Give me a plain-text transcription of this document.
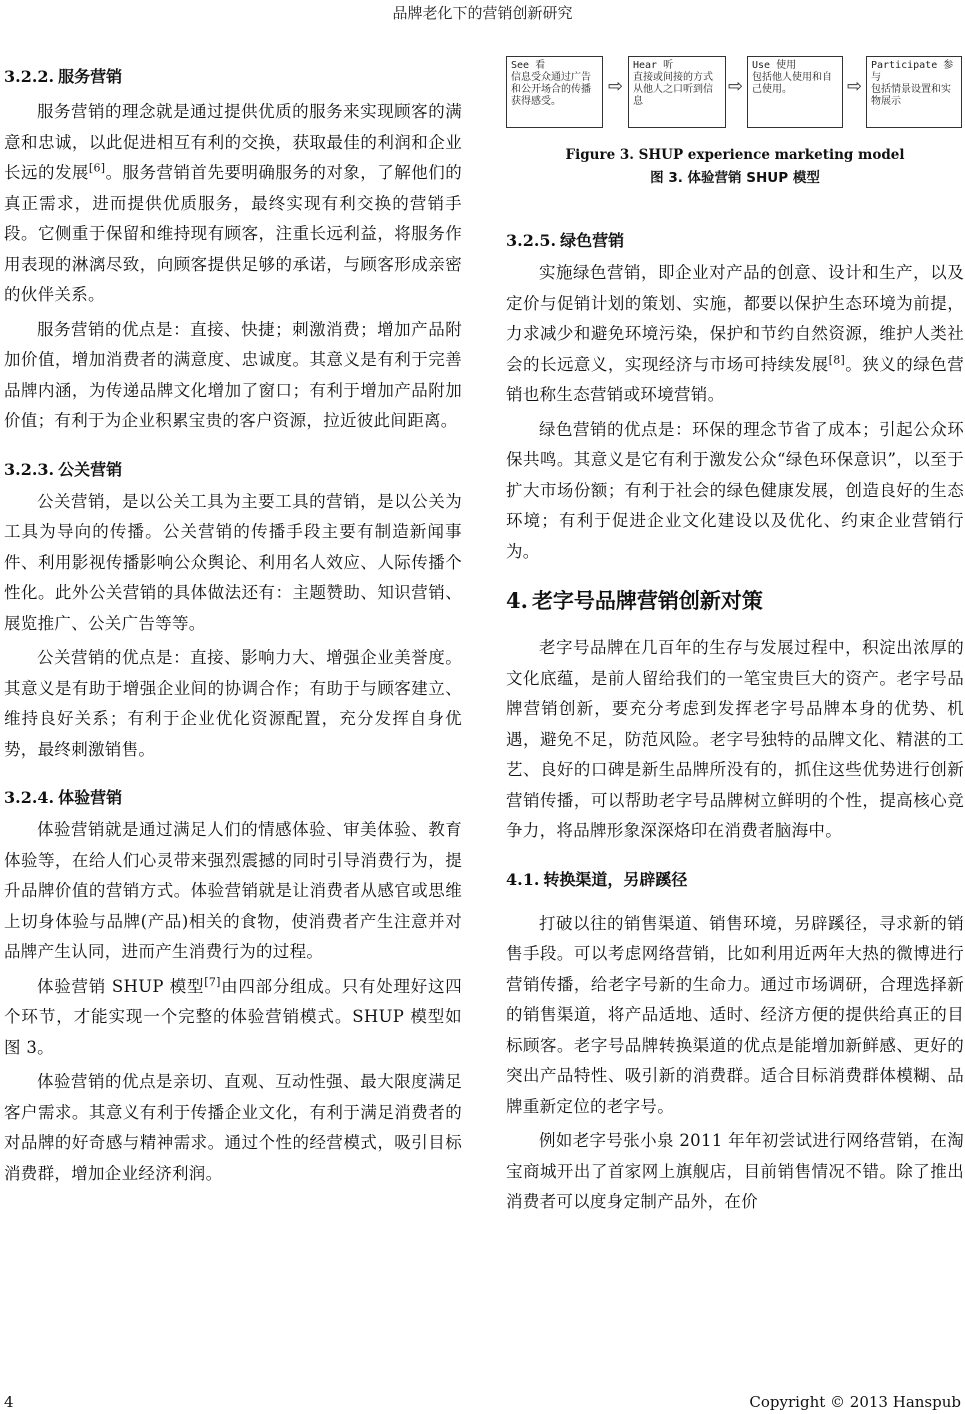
品牌老化下的营销创新研究
3.2.2. 服务营销

服务营销的理念就是通过提供优质的服务来实现顾客的满意和忠诚，以此促进相互有利的交换，获取最佳的利润和企业长远的发展[6]。服务营销首先要明确服务的对象，了解他们的真正需求，进而提供优质服务，最终实现有利交换的营销手段。它侧重于保留和维持现有顾客，注重长远利益，将服务作用表现的淋漓尽致，向顾客提供足够的承诺，与顾客形成亲密的伙伴关系。

服务营销的优点是：直接、快捷；刺激消费；增加产品附加价值，增加消费者的满意度、忠诚度。其意义是有利于完善品牌内涵，为传递品牌文化增加了窗口；有利于增加产品附加价值；有利于为企业积累宝贵的客户资源，拉近彼此间距离。

3.2.3. 公关营销

公关营销，是以公关工具为主要工具的营销，是以公关为工具为导向的传播。公关营销的传播手段主要有制造新闻事件、利用影视传播影响公众舆论、利用名人效应、人际传播个性化。此外公关营销的具体做法还有：主题赞助、知识营销、展览推广、公关广告等等。

公关营销的优点是：直接、影响力大、增强企业美誉度。其意义是有助于增强企业间的协调合作；有助于与顾客建立、维持良好关系；有利于企业优化资源配置，充分发挥自身优势，最终刺激销售。

3.2.4. 体验营销

体验营销就是通过满足人们的情感体验、审美体验、教育体验等，在给人们心灵带来强烈震撼的同时引导消费行为，提升品牌价值的营销方式。体验营销就是让消费者从感官或思维上切身体验与品牌(产品)相关的食物，使消费者产生注意并对品牌产生认同，进而产生消费行为的过程。

体验营销 SHUP 模型[7]由四部分组成。只有处理好这四个环节，才能实现一个完整的体验营销模式。SHUP 模型如图 3。

体验营销的优点是亲切、直观、互动性强、最大限度满足客户需求。其意义有利于传播企业文化，有利于满足消费者的对品牌的好奇感与精神需求。通过个性的经营模式，吸引目标消费群，增加企业经济利润。

See 看
信息受众通过广告和公开场合的传播获得感受。
⇨
Hear 听
直接或间接的方式从他人之口听到信息
⇨
Use 使用
包括他人使用和自己使用。	⇨
Participate 参与
包括情景设置和实物展示
Figure 3. SHUP experience marketing model
图 3. 体验营销 SHUP 模型
3.2.5. 绿色营销

实施绿色营销，即企业对产品的创意、设计和生产，以及定价与促销计划的策划、实施，都要以保护生态环境为前提，力求减少和避免环境污染，保护和节约自然资源，维护人类社会的长远意义，实现经济与市场可持续发展[8]。狭义的绿色营销也称生态营销或环境营销。

绿色营销的优点是：环保的理念节省了成本；引起公众环保共鸣。其意义是它有利于激发公众“绿色环保意识”，以至于扩大市场份额；有利于社会的绿色健康发展，创造良好的生态环境；有利于促进企业文化建设以及优化、约束企业营销行为。

4. 老字号品牌营销创新对策

老字号品牌在几百年的生存与发展过程中，积淀出浓厚的文化底蕴，是前人留给我们的一笔宝贵巨大的资产。老字号品牌营销创新，要充分考虑到发挥老字号品牌本身的优势、机遇，避免不足，防范风险。老字号独特的品牌文化、精湛的工艺、良好的口碑是新生品牌所没有的，抓住这些优势进行创新营销传播，可以帮助老字号品牌树立鲜明的个性，提高核心竞争力，将品牌形象深深烙印在消费者脑海中。

4.1. 转换渠道，另辟蹊径

打破以往的销售渠道、销售环境，另辟蹊径，寻求新的销售手段。可以考虑网络营销，比如利用近两年大热的微博进行营销传播，给老字号新的生命力。通过市场调研，合理选择新的销售渠道，将产品适地、适时、经济方便的提供给真正的目标顾客。老字号品牌转换渠道的优点是能增加新鲜感、更好的突出产品特性、吸引新的消费群。适合目标消费群体模糊、品牌重新定位的老字号。

例如老字号张小泉 2011 年年初尝试进行网络营销，在淘宝商城开出了首家网上旗舰店，目前销售情况不错。除了推出消费者可以度身定制产品外，在价

4	Copyright © 2013 Hanspub
